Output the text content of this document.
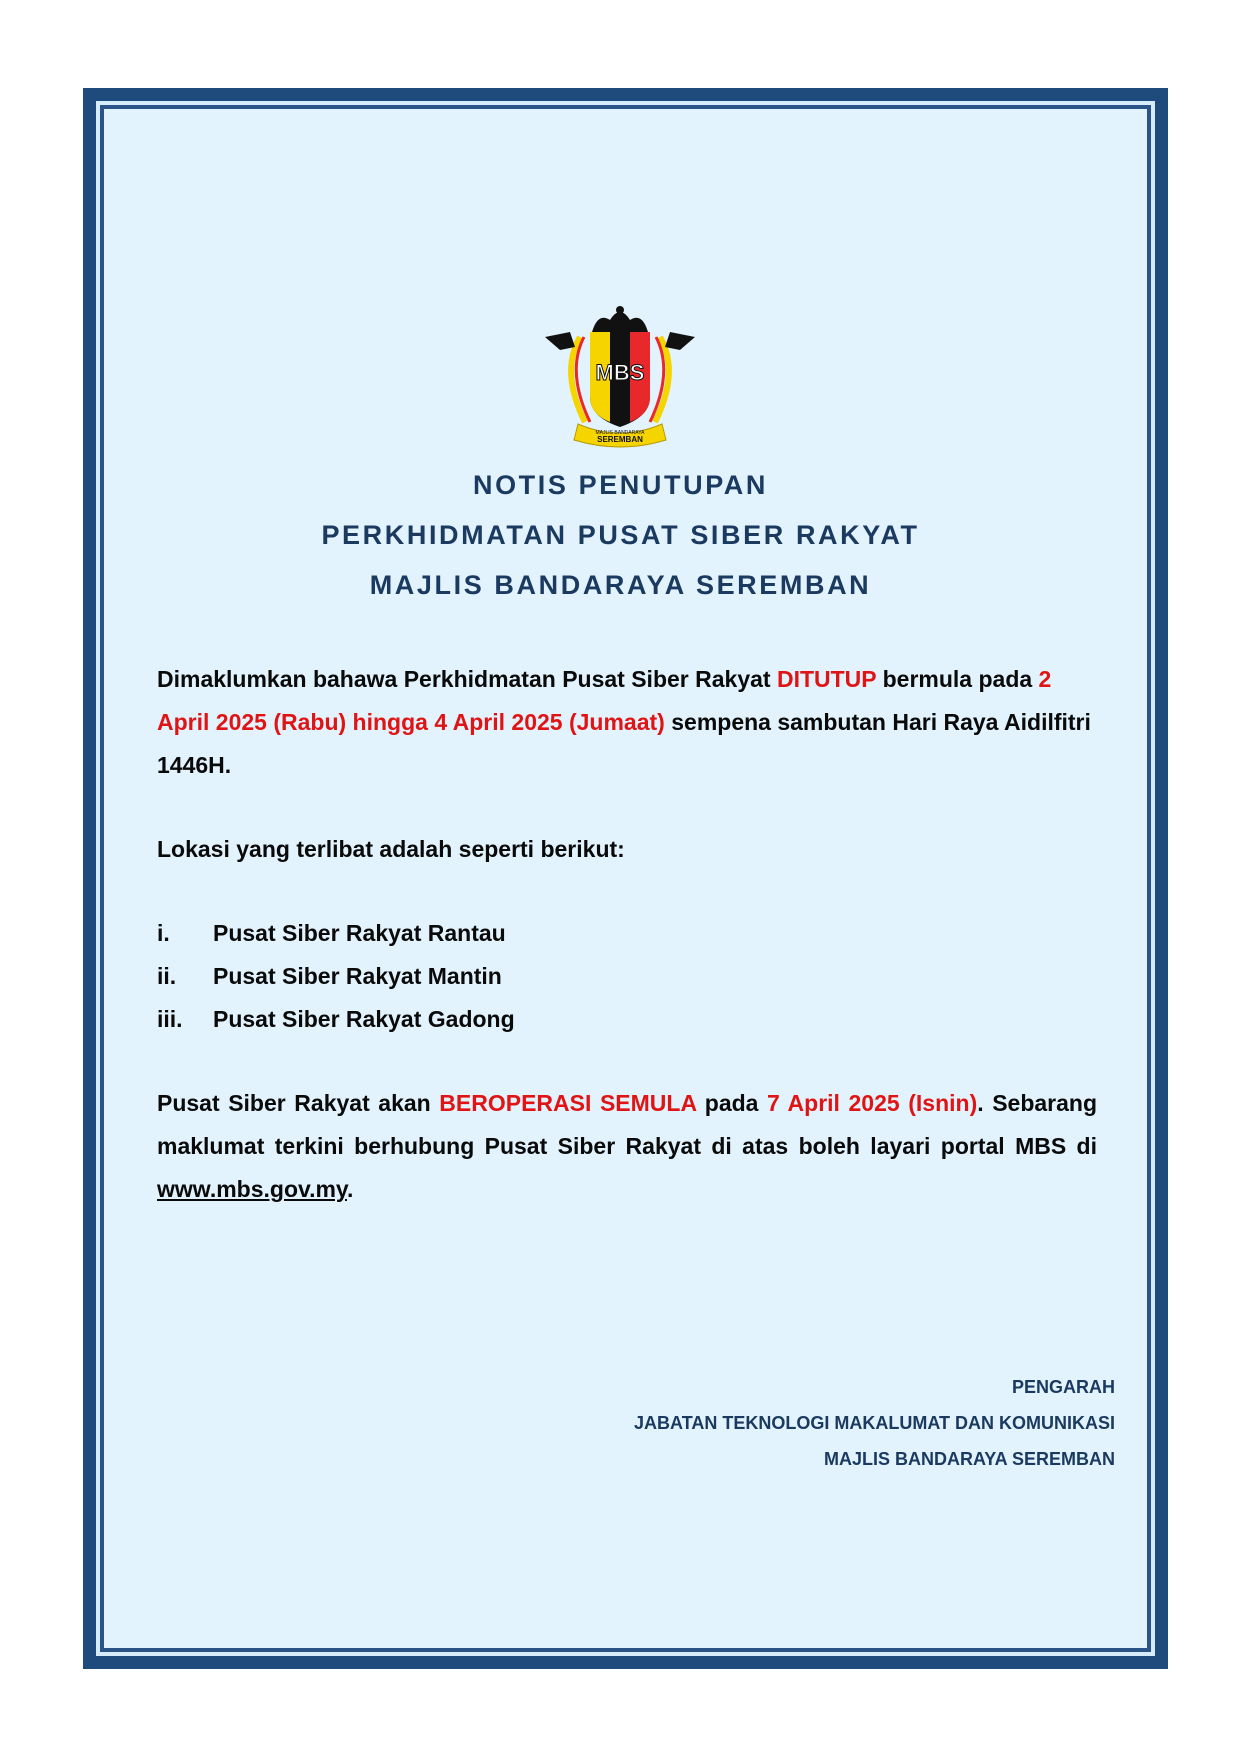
MBS
MAJLIS BANDARAYA
SEREMBAN
NOTIS PENUTUPAN
PERKHIDMATAN PUSAT SIBER RAKYAT
MAJLIS BANDARAYA SEREMBAN
Dimaklumkan bahawa Perkhidmatan Pusat Siber Rakyat DITUTUP bermula pada 2 April 2025 (Rabu) hingga 4 April 2025 (Jumaat) sempena sambutan Hari Raya Aidilfitri 1446H.
Lokasi yang terlibat adalah seperti berikut:
i.	Pusat Siber Rakyat Rantau
ii.	Pusat Siber Rakyat Mantin
iii.	Pusat Siber Rakyat Gadong
Pusat Siber Rakyat akan BEROPERASI SEMULA pada 7 April 2025 (Isnin). Sebarang maklumat terkini berhubung Pusat Siber Rakyat di atas boleh layari portal MBS di www.mbs.gov.my.
PENGARAH
JABATAN TEKNOLOGI MAKALUMAT DAN KOMUNIKASI
MAJLIS BANDARAYA SEREMBAN
